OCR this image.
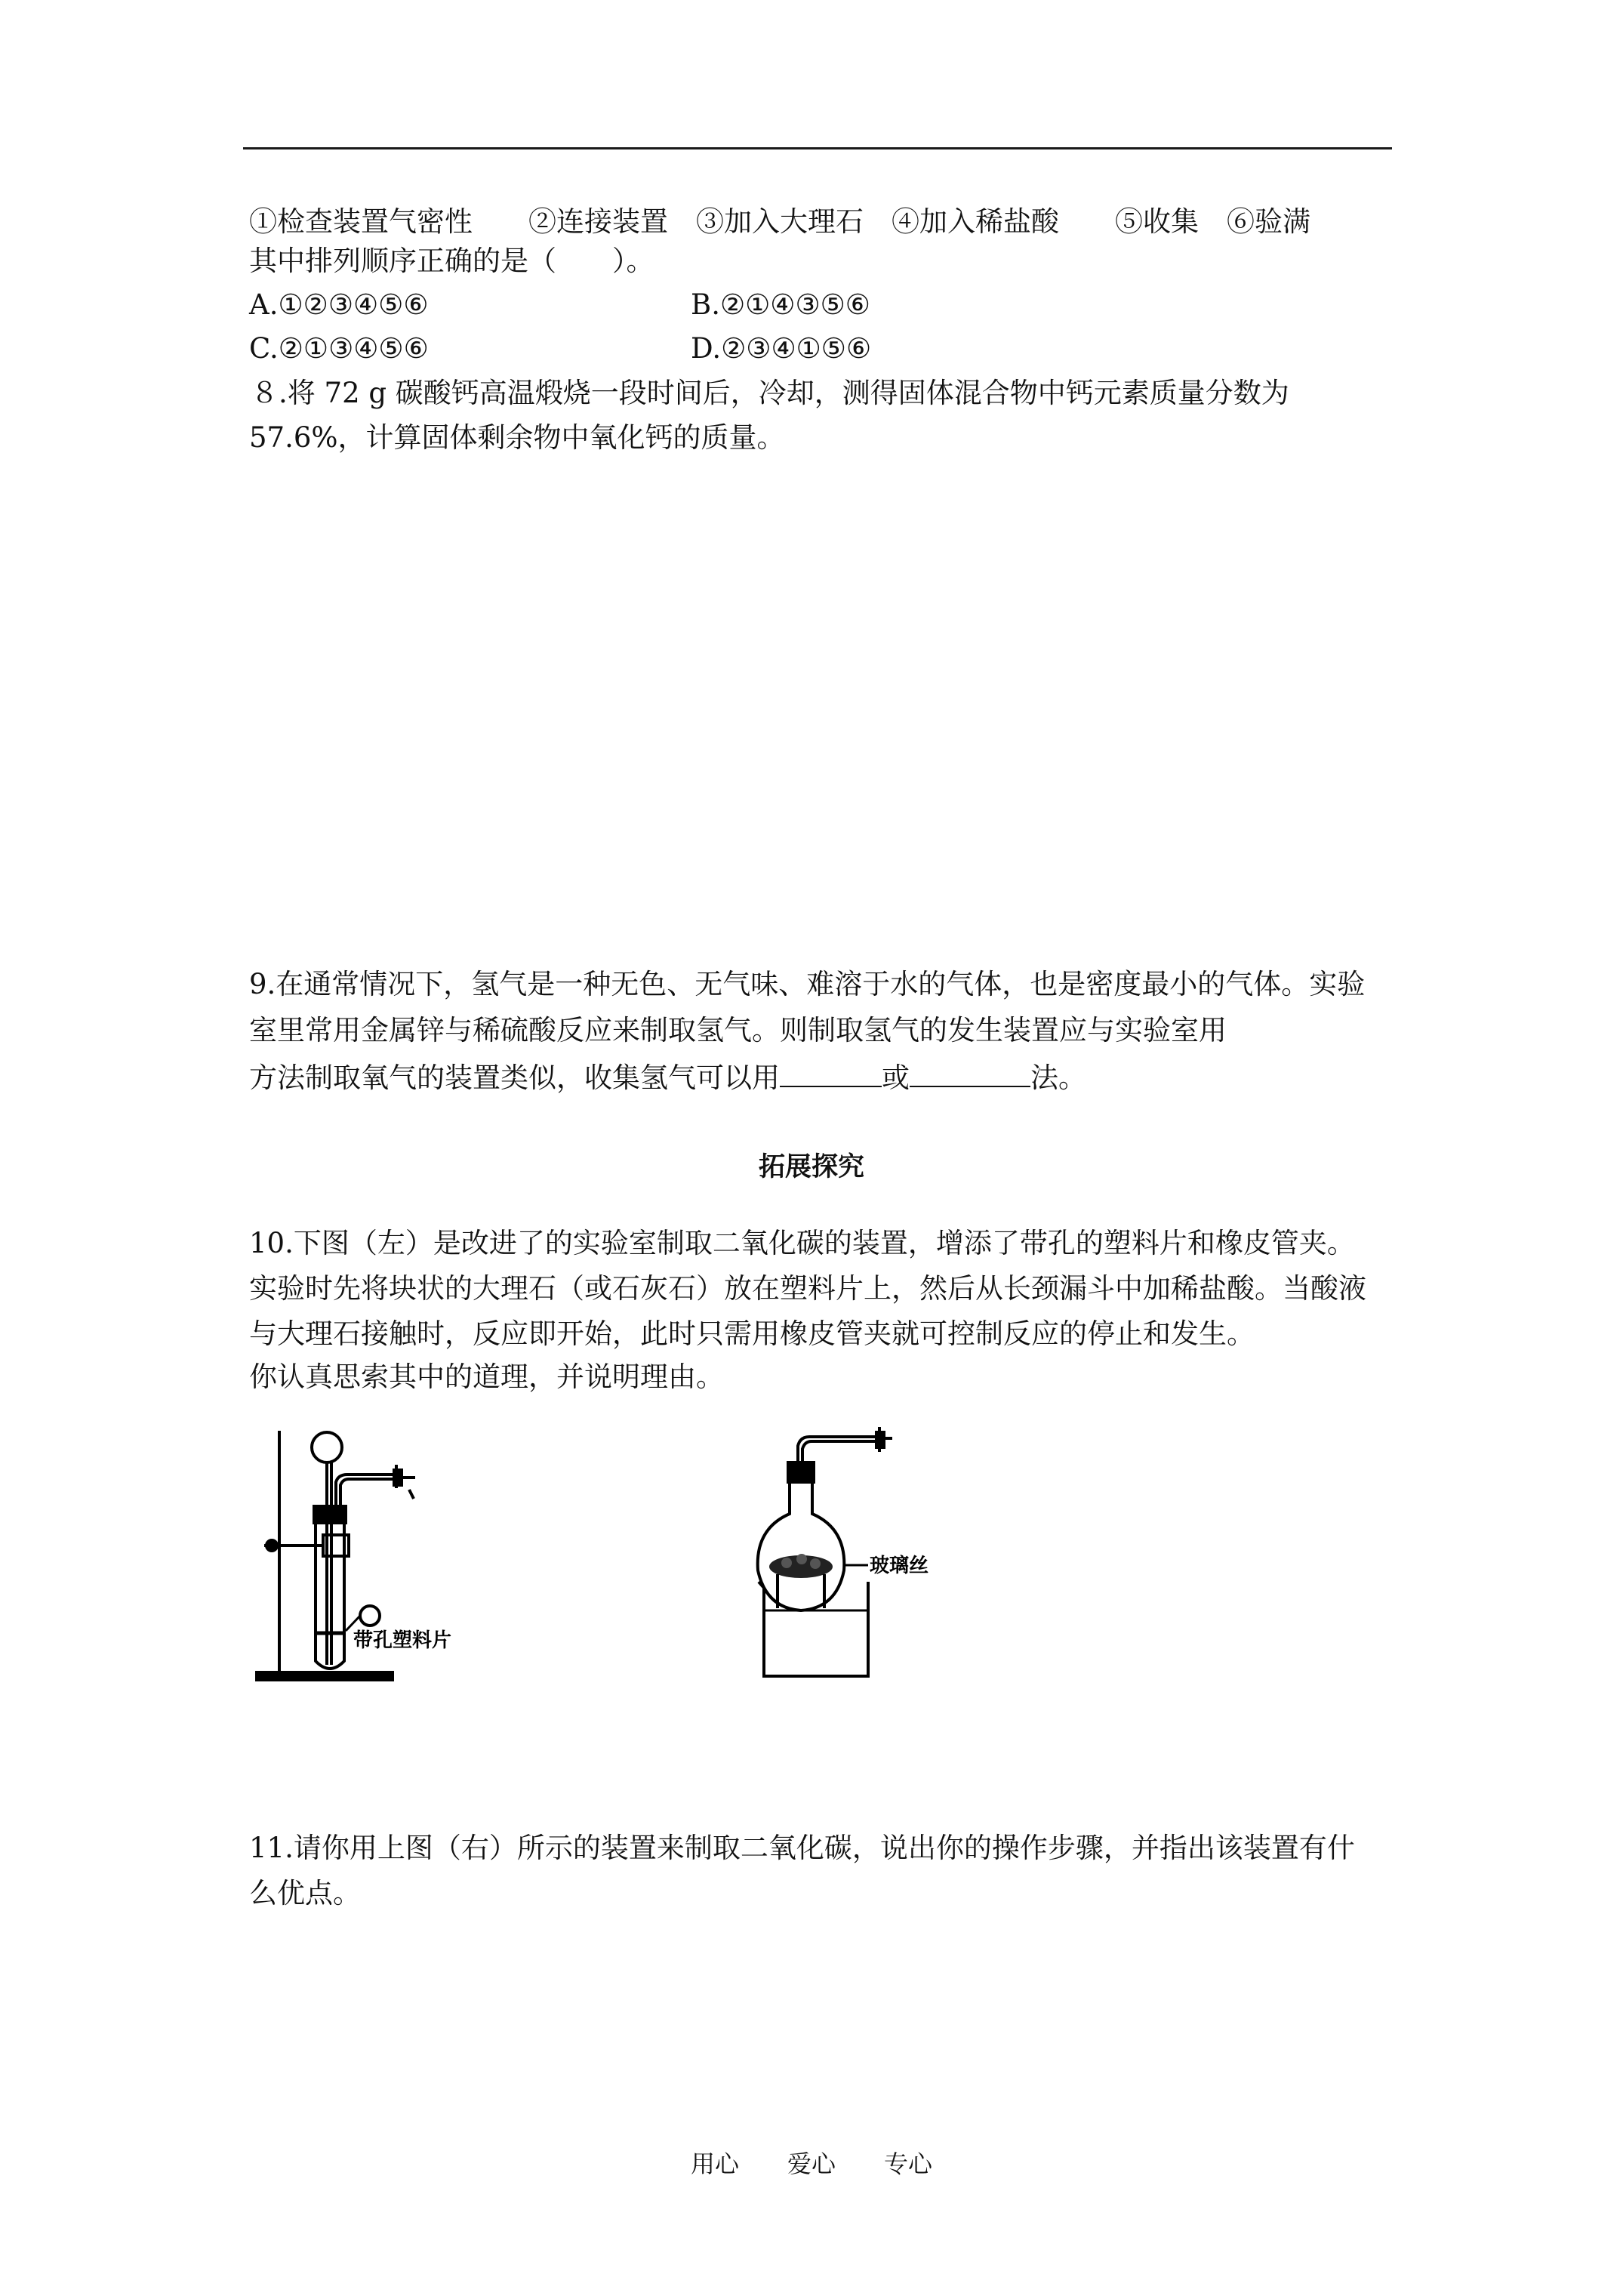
①检查装置气密性　　②连接装置　③加入大理石　④加入稀盐酸　　⑤收集　⑥验满
其中排列顺序正确的是（　　）。
A.①②③④⑤⑥	B.②①④③⑤⑥
C.②①③④⑤⑥	D.②③④①⑤⑥
８.将 72 g 碳酸钙高温煅烧一段时间后，冷却，测得固体混合物中钙元素质量分数为
57.6%，计算固体剩余物中氧化钙的质量。
9.在通常情况下，氢气是一种无色、无气味、难溶于水的气体，也是密度最小的气体。实验
室里常用金属锌与稀硫酸反应来制取氢气。则制取氢气的发生装置应与实验室用
方法制取氧气的装置类似，收集氢气可以用	或	法。
拓展探究
10.下图（左）是改进了的实验室制取二氧化碳的装置，增添了带孔的塑料片和橡皮管夹。
实验时先将块状的大理石（或石灰石）放在塑料片上，然后从长颈漏斗中加稀盐酸。当酸液
与大理石接触时，反应即开始，此时只需用橡皮管夹就可控制反应的停止和发生。
你认真思索其中的道理，并说明理由。
带孔塑料片
玻璃丝
11.请你用上图（右）所示的装置来制取二氧化碳，说出你的操作步骤，并指出该装置有什
么优点。
用心　　爱心　　专心
